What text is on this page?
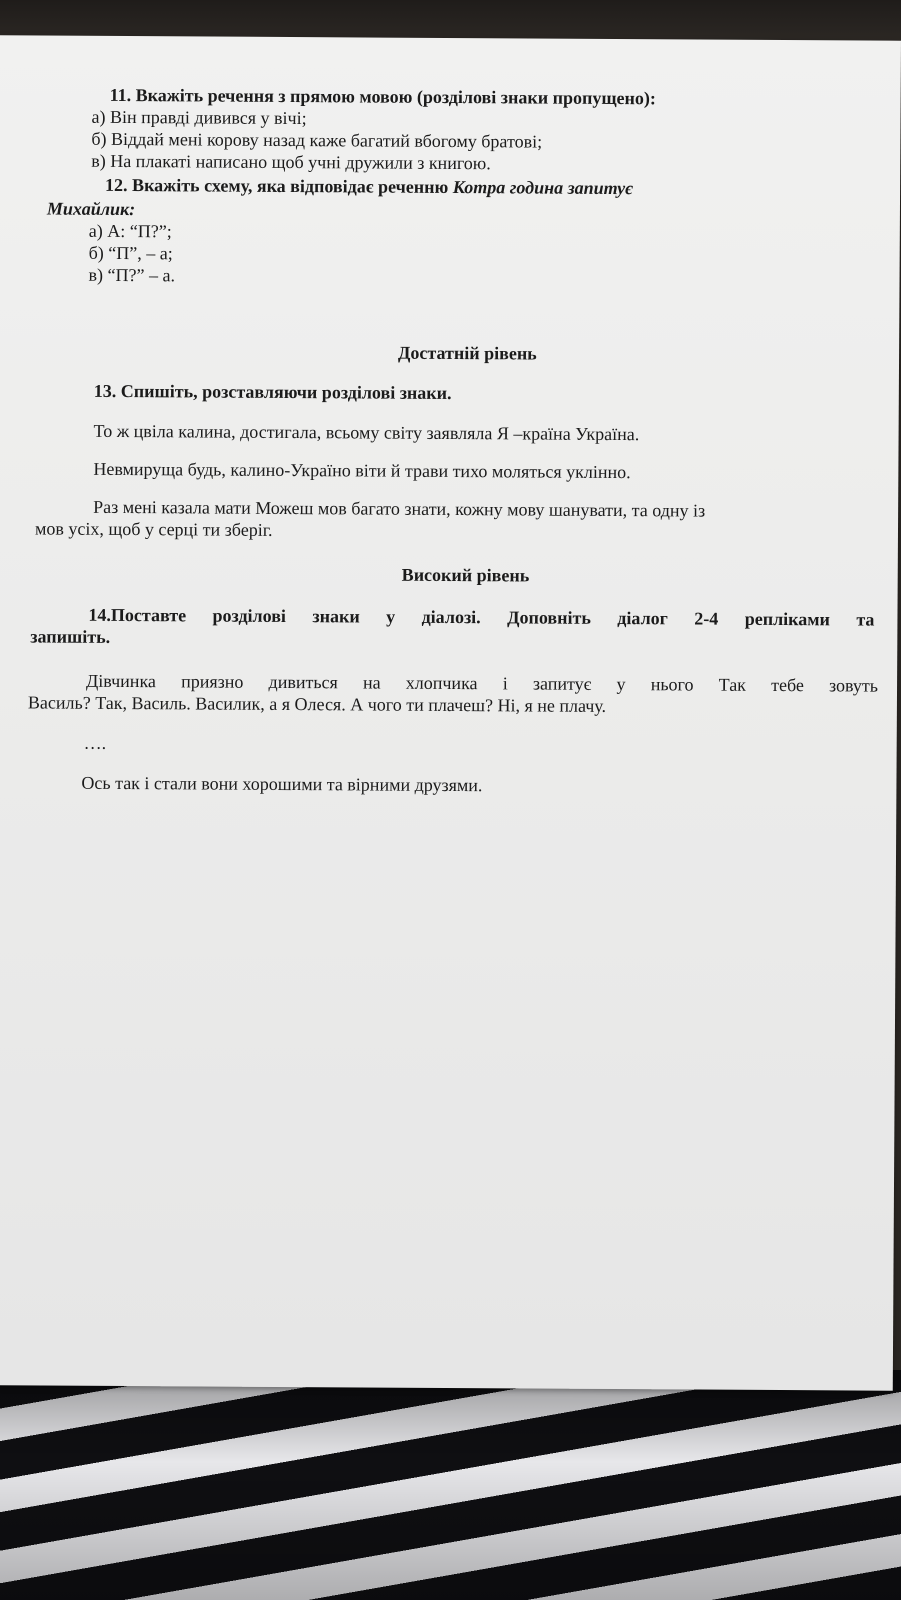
11. Вкажіть речення з прямою мовою (розділові знаки пропущено):
а) Він правді дивився у вічі;
б) Віддай мені корову назад каже багатий вбогому братові;
в) На плакаті написано щоб учні дружили з книгою.
12. Вкажіть схему, яка відповідає реченню Котра година запитує
Михайлик:
а) А: “П?”;
б) “П”, – а;
в) “П?” – а.
Достатній рівень
13. Спишіть, розставляючи розділові знаки.
То ж цвіла калина, достигала, всьому світу заявляла Я –країна Україна.
Невмируща будь, калино-Україно віти й трави тихо моляться уклінно.
Раз мені казала мати Можеш мов багато знати, кожну мову шанувати, та одну із
мов усіх, щоб у серці ти зберіг.
Високий рівень
14.Поставте розділові знаки у діалозі. Доповніть діалог 2-4 репліками та
запишіть.
Дівчинка приязно дивиться на хлопчика і запитує у нього Так тебе зовуть
Василь? Так, Василь. Василик, а я Олеся. А чого ти плачеш? Ні, я не плачу.
….
Ось так і стали вони хорошими та вірними друзями.
